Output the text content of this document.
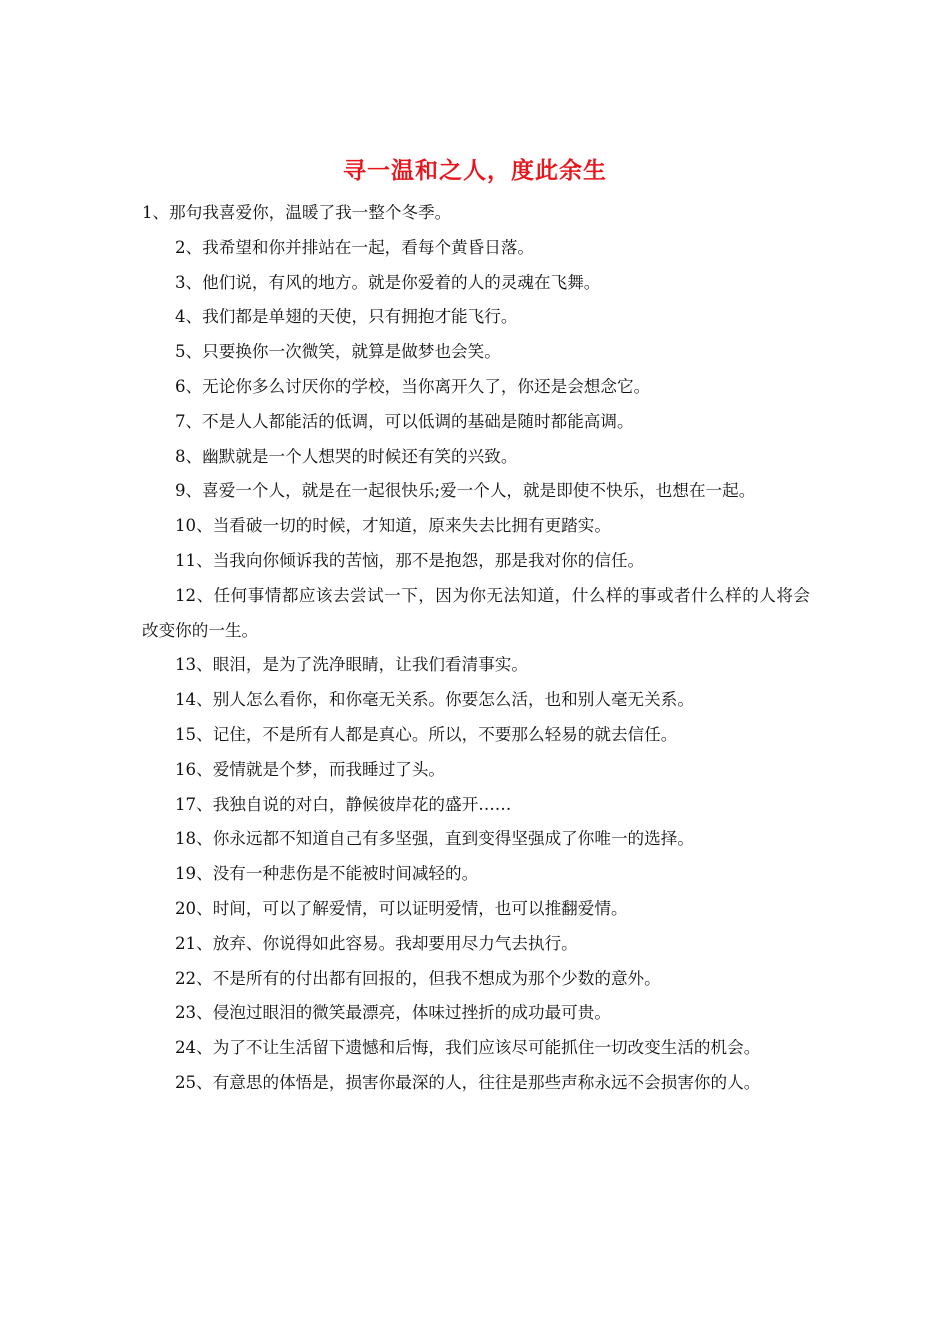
寻一温和之人，度此余生

1、那句我喜爱你，温暖了我一整个冬季。

2、我希望和你并排站在一起，看每个黄昏日落。

3、他们说，有风的地方。就是你爱着的人的灵魂在飞舞。

4、我们都是单翅的天使，只有拥抱才能飞行。

5、只要换你一次微笑，就算是做梦也会笑。

6、无论你多么讨厌你的学校，当你离开久了，你还是会想念它。

7、不是人人都能活的低调，可以低调的基础是随时都能高调。

8、幽默就是一个人想哭的时候还有笑的兴致。

9、喜爱一个人，就是在一起很快乐;爱一个人，就是即使不快乐，也想在一起。

10、当看破一切的时候，才知道，原来失去比拥有更踏实。

11、当我向你倾诉我的苦恼，那不是抱怨，那是我对你的信任。

12、任何事情都应该去尝试一下，因为你无法知道，什么样的事或者什么样的人将会改变你的一生。

13、眼泪，是为了洗净眼睛，让我们看清事实。

14、别人怎么看你，和你毫无关系。你要怎么活，也和别人毫无关系。

15、记住，不是所有人都是真心。所以，不要那么轻易的就去信任。

16、爱情就是个梦，而我睡过了头。

17、我独自说的对白，静候彼岸花的盛开……

18、你永远都不知道自己有多坚强，直到变得坚强成了你唯一的选择。

19、没有一种悲伤是不能被时间减轻的。

20、时间，可以了解爱情，可以证明爱情，也可以推翻爱情。

21、放弃、你说得如此容易。我却要用尽力气去执行。

22、不是所有的付出都有回报的，但我不想成为那个少数的意外。

23、侵泡过眼泪的微笑最漂亮，体味过挫折的成功最可贵。

24、为了不让生活留下遗憾和后悔，我们应该尽可能抓住一切改变生活的机会。

25、有意思的体悟是，损害你最深的人，往往是那些声称永远不会损害你的人。
